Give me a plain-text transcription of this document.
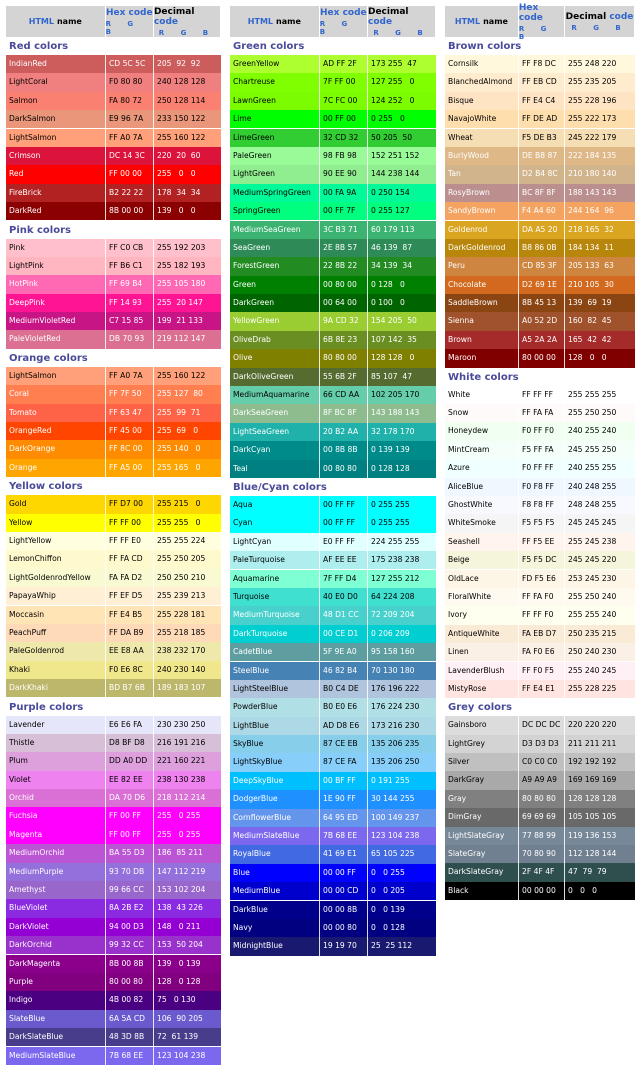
HTML name
Hex code
R G B
Decimal code
R G B
Red colors
IndianRed	CD 5C 5C	205  92  92
LightCoral	F0 80 80	240 128 128
Salmon	FA 80 72	250 128 114
DarkSalmon	E9 96 7A	233 150 122
LightSalmon	FF A0 7A	255 160 122
Crimson	DC 14 3C	220  20  60
Red	FF 00 00	255   0   0
FireBrick	B2 22 22	178  34  34
DarkRed	8B 00 00	139   0   0
Pink colors
Pink	FF C0 CB	255 192 203
LightPink	FF B6 C1	255 182 193
HotPink	FF 69 B4	255 105 180
DeepPink	FF 14 93	255  20 147
MediumVioletRed	C7 15 85	199  21 133
PaleVioletRed	DB 70 93	219 112 147
Orange colors
LightSalmon	FF A0 7A	255 160 122
Coral	FF 7F 50	255 127  80
Tomato	FF 63 47	255  99  71
OrangeRed	FF 45 00	255  69   0
DarkOrange	FF 8C 00	255 140   0
Orange	FF A5 00	255 165   0
Yellow colors
Gold	FF D7 00	255 215   0
Yellow	FF FF 00	255 255   0
LightYellow	FF FF E0	255 255 224
LemonChiffon	FF FA CD	255 250 205
LightGoldenrodYellow	FA FA D2	250 250 210
PapayaWhip	FF EF D5	255 239 213
Moccasin	FF E4 B5	255 228 181
PeachPuff	FF DA B9	255 218 185
PaleGoldenrod	EE E8 AA	238 232 170
Khaki	F0 E6 8C	240 230 140
DarkKhaki	BD B7 6B	189 183 107
Purple colors
Lavender	E6 E6 FA	230 230 250
Thistle	D8 BF D8	216 191 216
Plum	DD A0 DD	221 160 221
Violet	EE 82 EE	238 130 238
Orchid	DA 70 D6	218 112 214
Fuchsia	FF 00 FF	255   0 255
Magenta	FF 00 FF	255   0 255
MediumOrchid	BA 55 D3	186  85 211
MediumPurple	93 70 DB	147 112 219
Amethyst	99 66 CC	153 102 204
BlueViolet	8A 2B E2	138  43 226
DarkViolet	94 00 D3	148   0 211
DarkOrchid	99 32 CC	153  50 204
DarkMagenta	8B 00 8B	139   0 139
Purple	80 00 80	128   0 128
Indigo	4B 00 82	75   0 130
SlateBlue	6A 5A CD	106  90 205
DarkSlateBlue	48 3D 8B	72  61 139
MediumSlateBlue	7B 68 EE	123 104 238
HTML name
Hex code
R G B
Decimal code
R G B
Green colors
GreenYellow	AD FF 2F	173 255  47
Chartreuse	7F FF 00	127 255   0
LawnGreen	7C FC 00	124 252   0
Lime	00 FF 00	0 255   0
LimeGreen	32 CD 32	50 205  50
PaleGreen	98 FB 98	152 251 152
LightGreen	90 EE 90	144 238 144
MediumSpringGreen	00 FA 9A	0 250 154
SpringGreen	00 FF 7F	0 255 127
MediumSeaGreen	3C B3 71	60 179 113
SeaGreen	2E 8B 57	46 139  87
ForestGreen	22 8B 22	34 139  34
Green	00 80 00	0 128   0
DarkGreen	00 64 00	0 100   0
YellowGreen	9A CD 32	154 205  50
OliveDrab	6B 8E 23	107 142  35
Olive	80 80 00	128 128   0
DarkOliveGreen	55 6B 2F	85 107  47
MediumAquamarine	66 CD AA	102 205 170
DarkSeaGreen	8F BC 8F	143 188 143
LightSeaGreen	20 B2 AA	32 178 170
DarkCyan	00 8B 8B	0 139 139
Teal	00 80 80	0 128 128
Blue/Cyan colors
Aqua	00 FF FF	0 255 255
Cyan	00 FF FF	0 255 255
LightCyan	E0 FF FF	224 255 255
PaleTurquoise	AF EE EE	175 238 238
Aquamarine	7F FF D4	127 255 212
Turquoise	40 E0 D0	64 224 208
MediumTurquoise	48 D1 CC	72 209 204
DarkTurquoise	00 CE D1	0 206 209
CadetBlue	5F 9E A0	95 158 160
SteelBlue	46 82 B4	70 130 180
LightSteelBlue	B0 C4 DE	176 196 222
PowderBlue	B0 E0 E6	176 224 230
LightBlue	AD D8 E6	173 216 230
SkyBlue	87 CE EB	135 206 235
LightSkyBlue	87 CE FA	135 206 250
DeepSkyBlue	00 BF FF	0 191 255
DodgerBlue	1E 90 FF	30 144 255
CornflowerBlue	64 95 ED	100 149 237
MediumSlateBlue	7B 68 EE	123 104 238
RoyalBlue	41 69 E1	65 105 225
Blue	00 00 FF	0   0 255
MediumBlue	00 00 CD	0   0 205
DarkBlue	00 00 8B	0   0 139
Navy	00 00 80	0   0 128
MidnightBlue	19 19 70	25  25 112
HTML name
Hex code
R G B
Decimal code
R G B
Brown colors
Cornsilk	FF F8 DC	255 248 220
BlanchedAlmond	FF EB CD	255 235 205
Bisque	FF E4 C4	255 228 196
NavajoWhite	FF DE AD	255 222 173
Wheat	F5 DE B3	245 222 179
BurlyWood	DE B8 87	222 184 135
Tan	D2 B4 8C	210 180 140
RosyBrown	BC 8F 8F	188 143 143
SandyBrown	F4 A4 60	244 164  96
Goldenrod	DA A5 20	218 165  32
DarkGoldenrod	B8 86 0B	184 134  11
Peru	CD 85 3F	205 133  63
Chocolate	D2 69 1E	210 105  30
SaddleBrown	8B 45 13	139  69  19
Sienna	A0 52 2D	160  82  45
Brown	A5 2A 2A	165  42  42
Maroon	80 00 00	128   0   0
White colors
White	FF FF FF	255 255 255
Snow	FF FA FA	255 250 250
Honeydew	F0 FF F0	240 255 240
MintCream	F5 FF FA	245 255 250
Azure	F0 FF FF	240 255 255
AliceBlue	F0 F8 FF	240 248 255
GhostWhite	F8 F8 FF	248 248 255
WhiteSmoke	F5 F5 F5	245 245 245
Seashell	FF F5 EE	255 245 238
Beige	F5 F5 DC	245 245 220
OldLace	FD F5 E6	253 245 230
FloralWhite	FF FA F0	255 250 240
Ivory	FF FF F0	255 255 240
AntiqueWhite	FA EB D7	250 235 215
Linen	FA F0 E6	250 240 230
LavenderBlush	FF F0 F5	255 240 245
MistyRose	FF E4 E1	255 228 225
Grey colors
Gainsboro	DC DC DC	220 220 220
LightGrey	D3 D3 D3	211 211 211
Silver	C0 C0 C0	192 192 192
DarkGray	A9 A9 A9	169 169 169
Gray	80 80 80	128 128 128
DimGray	69 69 69	105 105 105
LightSlateGray	77 88 99	119 136 153
SlateGray	70 80 90	112 128 144
DarkSlateGray	2F 4F 4F	47  79  79
Black	00 00 00	0   0   0
